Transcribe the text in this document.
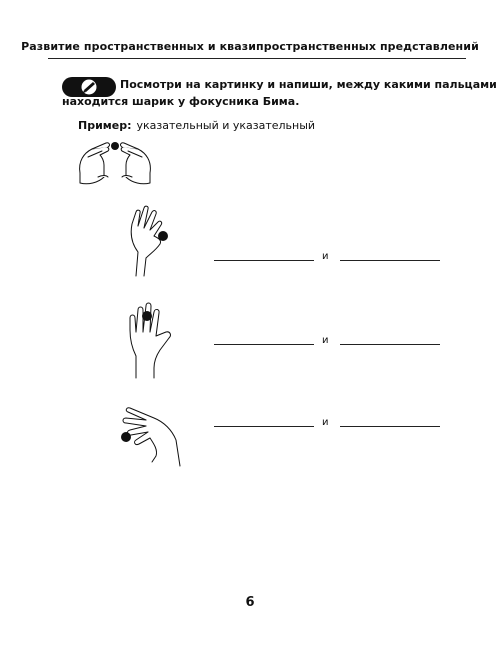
Развитие пространственных и квазипространственных представлений
Посмотри на картинку и напиши, между какими пальцами
находится шарик у фокусника Бима.
Пример: указательный и указательный
и
и
и
6
